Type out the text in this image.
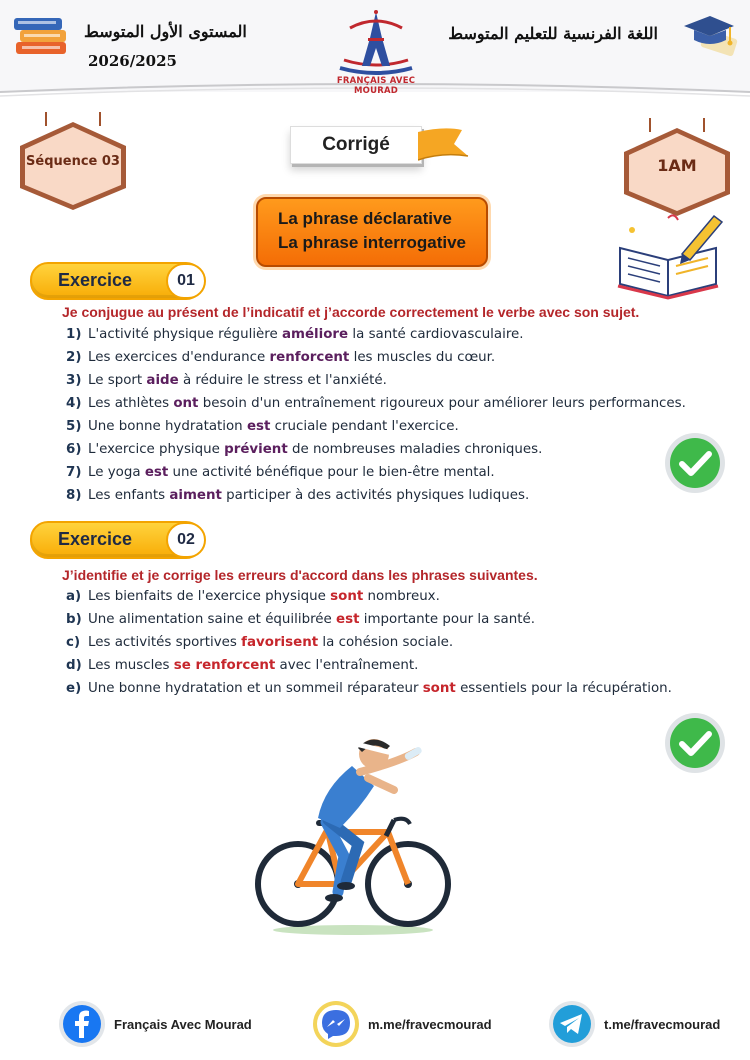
المستوى الأول المتوسط
2026/2025
FRANÇAIS AVEC MOURAD
اللغة الفرنسية للتعليم المتوسط
Séquence 03
Corrigé
1AM
La phrase déclarative
La phrase interrogative
Exercice	01
Je conjugue au présent de l’indicatif et j’accorde correctement le verbe avec son sujet.
1) L'activité physique régulière améliore la santé cardiovasculaire.
2) Les exercices d'endurance renforcent les muscles du cœur.
3) Le sport aide à réduire le stress et l'anxiété.
4) Les athlètes ont besoin d'un entraînement rigoureux pour améliorer leurs performances.
5) Une bonne hydratation est cruciale pendant l'exercice.
6) L'exercice physique prévient de nombreuses maladies chroniques.
7) Le yoga est une activité bénéfique pour le bien-être mental.
8) Les enfants aiment participer à des activités physiques ludiques.
Exercice	02
J’identifie et je corrige les erreurs d'accord dans les phrases suivantes.
a) Les bienfaits de l'exercice physique sont nombreux.
b) Une alimentation saine et équilibrée est importante pour la santé.
c) Les activités sportives favorisent la cohésion sociale.
d) Les muscles se renforcent avec l'entraînement.
e) Une bonne hydratation et un sommeil réparateur sont essentiels pour la récupération.
Français Avec Mourad	m.me/fravecmourad	t.me/fravecmourad
